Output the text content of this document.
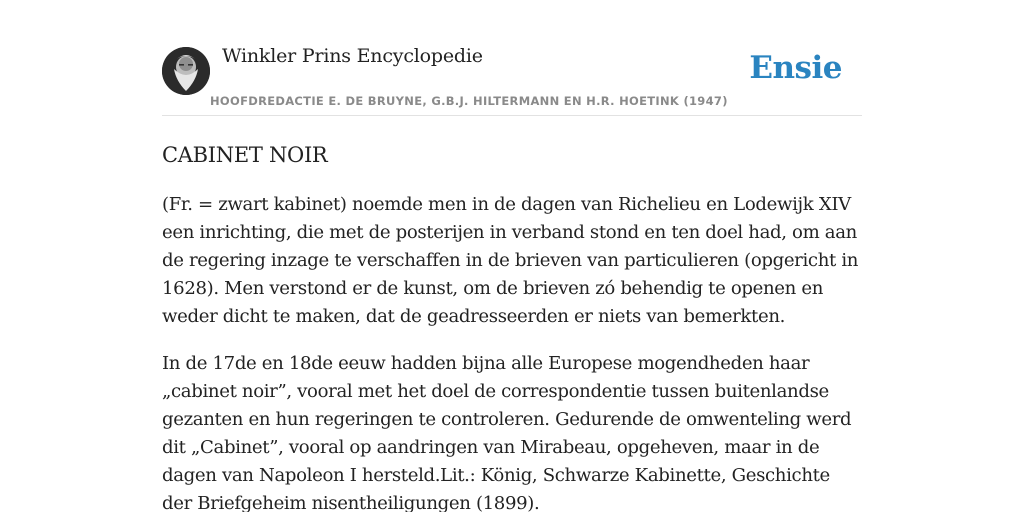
Winkler Prins Encyclopedie
HOOFDREDACTIE E. DE BRUYNE, G.B.J. HILTERMANN EN H.R. HOETINK (1947)
Ensie
CABINET NOIR

(Fr. = zwart kabinet) noemde men in de dagen van Richelieu en Lodewijk XIV een inrichting, die met de posterijen in verband stond en ten doel had, om aan de regering inzage te verschaffen in de brieven van particulieren (opgericht in 1628). Men verstond er de kunst, om de brieven zó behendig te openen en weder dicht te maken, dat de geadresseerden er niets van bemerkten.

In de 17de en 18de eeuw hadden bijna alle Europese mogendheden haar „cabinet noir”, vooral met het doel de correspondentie tussen buitenlandse gezanten en hun regeringen te controleren. Gedurende de omwenteling werd dit „Cabinet”, vooral op aandringen van Mirabeau, opgeheven, maar in de dagen van Napoleon I hersteld.Lit.: König, Schwarze Kabinette, Geschichte der Briefgeheim nisentheiligungen (1899).
